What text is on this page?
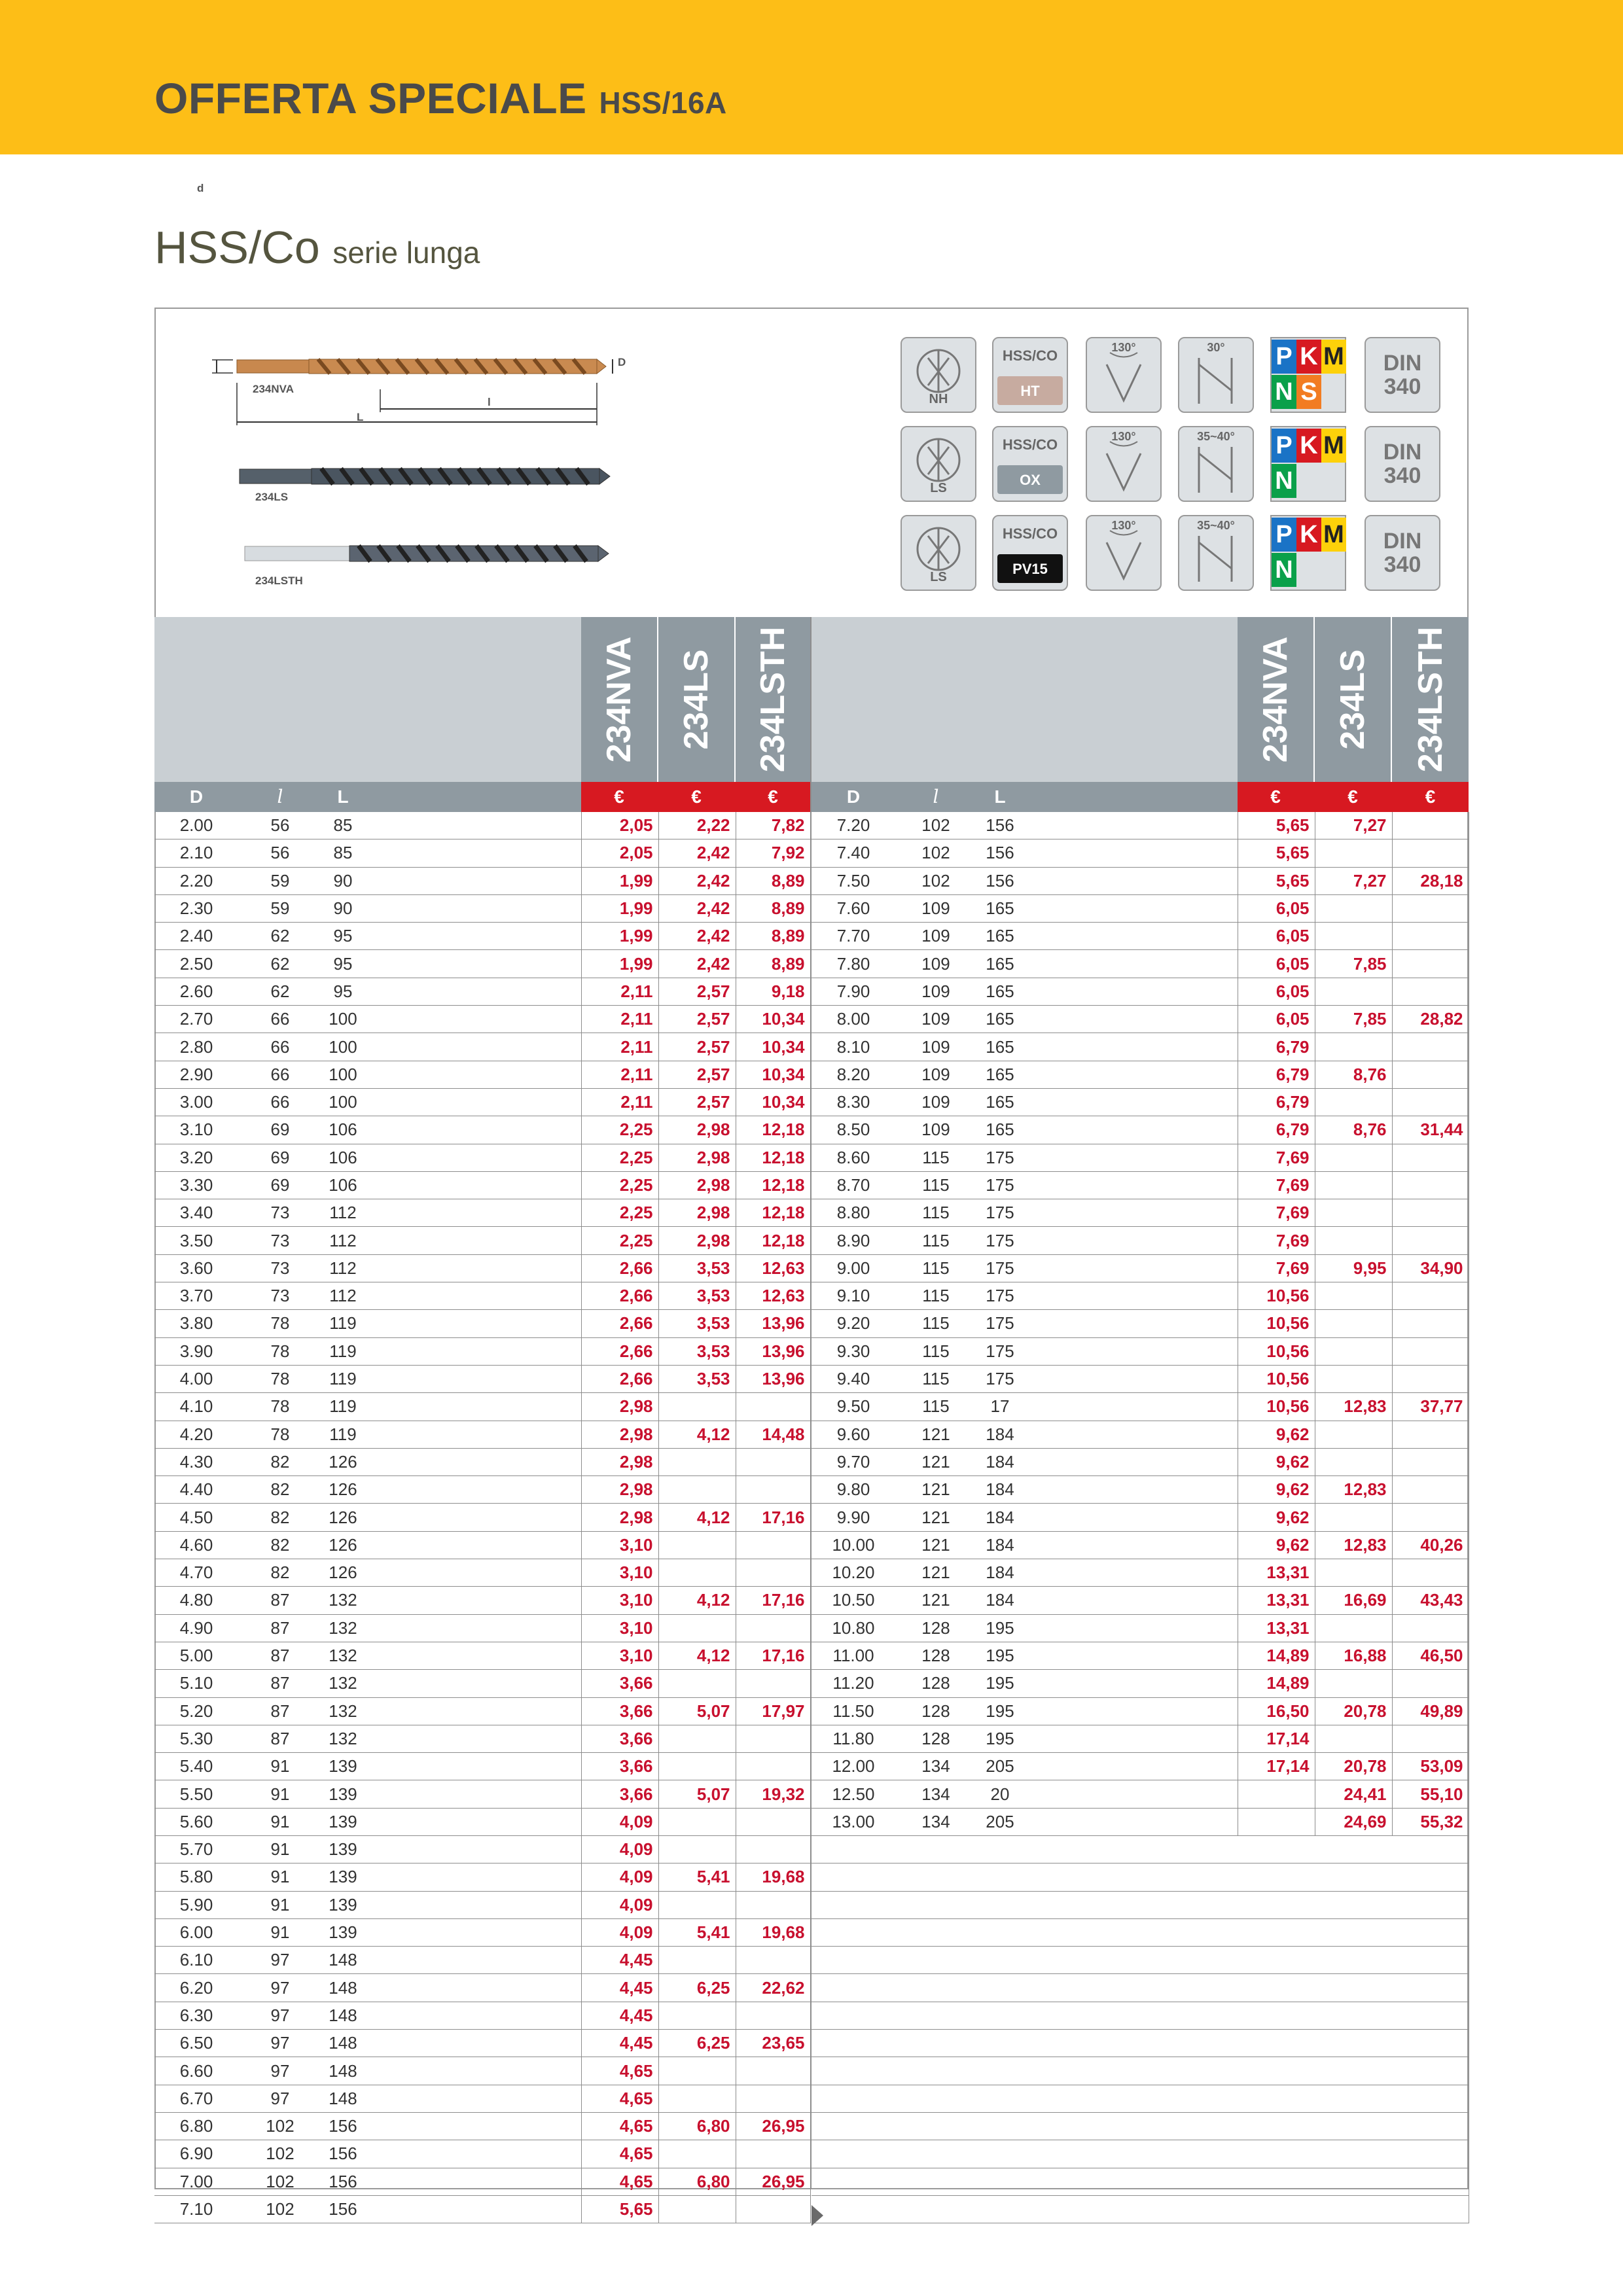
OFFERTA SPECIALE HSS/16A
HSS/Co serie lunga
d
D
l
L
234NVA
234LS
234LSTH
NH
HSS/CO
HT
130°	30°	P K M
N S
DIN
340
LS
HSS/CO
OX
130°	35~40°	P K M
N
DIN
340
LS
HSS/CO
PV15
130°	35~40°	P K M
N
DIN
340
234NVA 234LS 234LSTH	234NVA 234LS 234LSTH
D	l	L	€	€	€	D	l	L	€	€	€
2.00	56	85		2,05	2,22	7,82
2.10	56	85		2,05	2,42	7,92
2.20	59	90		1,99	2,42	8,89
2.30	59	90		1,99	2,42	8,89
2.40	62	95		1,99	2,42	8,89
2.50	62	95		1,99	2,42	8,89
2.60	62	95		2,11	2,57	9,18
2.70	66	100		2,11	2,57	10,34
2.80	66	100		2,11	2,57	10,34
2.90	66	100		2,11	2,57	10,34
3.00	66	100		2,11	2,57	10,34
3.10	69	106		2,25	2,98	12,18
3.20	69	106		2,25	2,98	12,18
3.30	69	106		2,25	2,98	12,18
3.40	73	112		2,25	2,98	12,18
3.50	73	112		2,25	2,98	12,18
3.60	73	112		2,66	3,53	12,63
3.70	73	112		2,66	3,53	12,63
3.80	78	119		2,66	3,53	13,96
3.90	78	119		2,66	3,53	13,96
4.00	78	119		2,66	3,53	13,96
4.10	78	119		2,98		
4.20	78	119		2,98	4,12	14,48
4.30	82	126		2,98		
4.40	82	126		2,98		
4.50	82	126		2,98	4,12	17,16
4.60	82	126		3,10		
4.70	82	126		3,10		
4.80	87	132		3,10	4,12	17,16
4.90	87	132		3,10		
5.00	87	132		3,10	4,12	17,16
5.10	87	132		3,66		
5.20	87	132		3,66	5,07	17,97
5.30	87	132		3,66		
5.40	91	139		3,66		
5.50	91	139		3,66	5,07	19,32
5.60	91	139		4,09		
5.70	91	139		4,09		
5.80	91	139		4,09	5,41	19,68
5.90	91	139		4,09		
6.00	91	139		4,09	5,41	19,68
6.10	97	148		4,45		
6.20	97	148		4,45	6,25	22,62
6.30	97	148		4,45		
6.50	97	148		4,45	6,25	23,65
6.60	97	148		4,65		
6.70	97	148		4,65		
6.80	102	156		4,65	6,80	26,95
6.90	102	156		4,65		
7.00	102	156		4,65	6,80	26,95
7.10	102	156		5,65		
7.20	102	156		5,65	7,27	
7.40	102	156		5,65		
7.50	102	156		5,65	7,27	28,18
7.60	109	165		6,05		
7.70	109	165		6,05		
7.80	109	165		6,05	7,85	
7.90	109	165		6,05		
8.00	109	165		6,05	7,85	28,82
8.10	109	165		6,79		
8.20	109	165		6,79	8,76	
8.30	109	165		6,79		
8.50	109	165		6,79	8,76	31,44
8.60	115	175		7,69		
8.70	115	175		7,69		
8.80	115	175		7,69		
8.90	115	175		7,69		
9.00	115	175		7,69	9,95	34,90
9.10	115	175		10,56		
9.20	115	175		10,56		
9.30	115	175		10,56		
9.40	115	175		10,56		
9.50	115	17		10,56	12,83	37,77
9.60	121	184		9,62		
9.70	121	184		9,62		
9.80	121	184		9,62	12,83	
9.90	121	184		9,62		
10.00	121	184		9,62	12,83	40,26
10.20	121	184		13,31		
10.50	121	184		13,31	16,69	43,43
10.80	128	195		13,31		
11.00	128	195		14,89	16,88	46,50
11.20	128	195		14,89		
11.50	128	195		16,50	20,78	49,89
11.80	128	195		17,14		
12.00	134	205		17,14	20,78	53,09
12.50	134	20			24,41	55,10
13.00	134	205			24,69	55,32
